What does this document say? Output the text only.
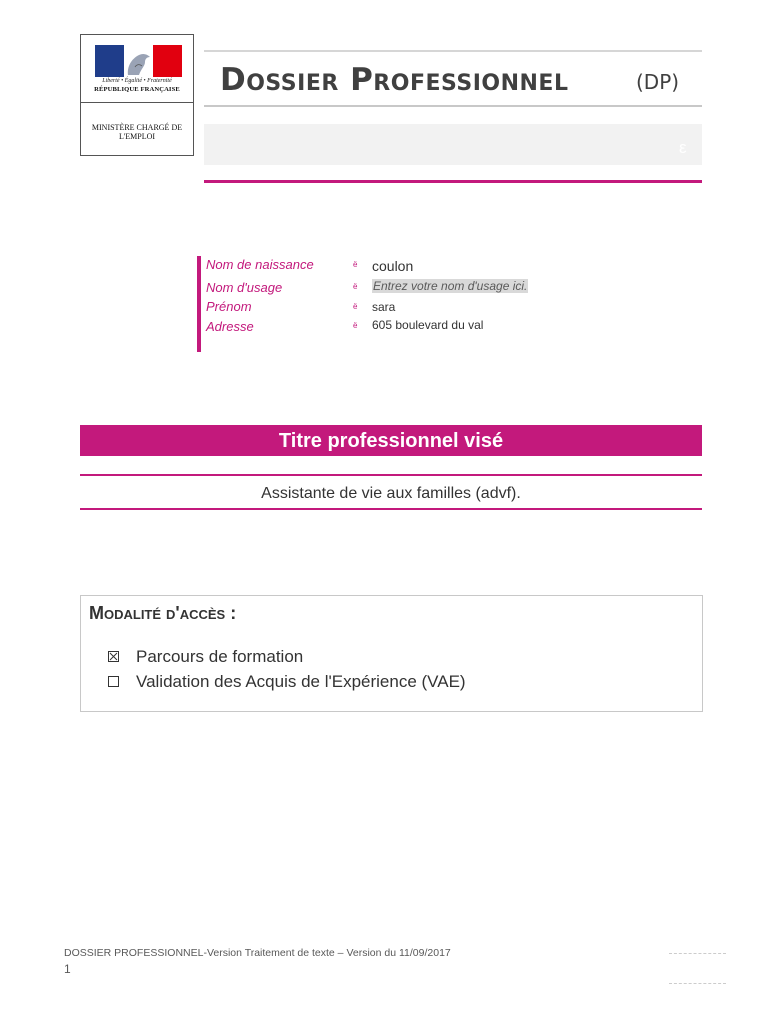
Liberté • Égalité • Fraternité
RÉPUBLIQUE FRANÇAISE
MINISTÈRE CHARGÉ DE L'EMPLOI
Dossier Professionnel	(DP)
ε
Nom de naissance	ë coulon
Nom d'usage	ë Entrez votre nom d'usage ici.
Prénom	ë sara
Adresse	ë 605 boulevard du val
Titre professionnel visé
Assistante de vie aux familles (advf).
Modalité d'accès :
Parcours de formation
Validation des Acquis de l'Expérience (VAE)
DOSSIER PROFESSIONNEL-Version Traitement de texte – Version du 11/09/2017
1
